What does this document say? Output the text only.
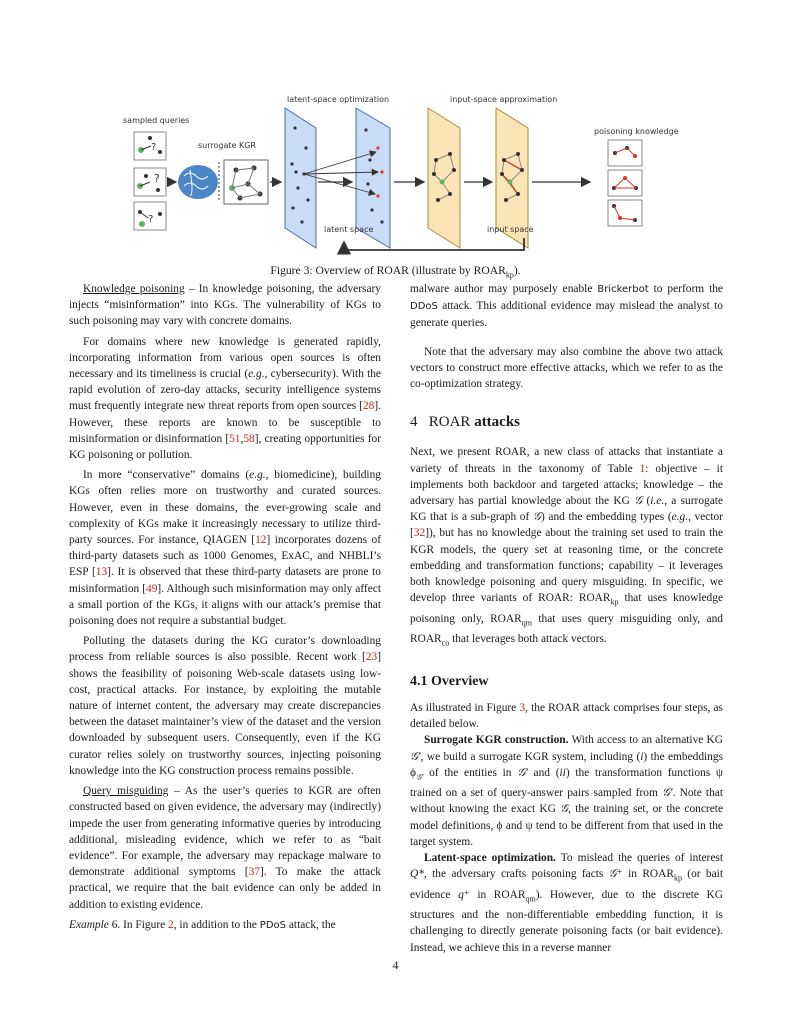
latent-space optimization	input-space approximation
sampled queries
surrogate KGR
poisoning knowledge
?
?
?
latent space	input space
Figure 3: Overview of ROAR (illustrate by $ROAR_{kp}$).

Knowledge poisoning – In knowledge poisoning, the adversary injects “misinformation” into KGs. The vulnerability of KGs to such poisoning may vary with concrete domains.

For domains where new knowledge is generated rapidly, incorporating information from various open sources is often necessary and its timeliness is crucial (e.g., cybersecurity). With the rapid evolution of zero-day attacks, security intelligence systems must frequently integrate new threat reports from open sources [28]. However, these reports are known to be susceptible to misinformation or disinformation [51,58], creating opportunities for KG poisoning or pollution.

In more “conservative” domains (e.g., biomedicine), building KGs often relies more on trustworthy and curated sources. However, even in these domains, the ever-growing scale and complexity of KGs make it increasingly necessary to utilize third-party sources. For instance, QIAGEN [12] incorporates dozens of third-party datasets such as 1000 Genomes, ExAC, and NHBLI’s ESP [13]. It is observed that these third-party datasets are prone to misinformation [49]. Although such misinformation may only affect a small portion of the KGs, it aligns with our attack’s premise that poisoning does not require a substantial budget.

Polluting the datasets during the KG curator’s downloading process from reliable sources is also possible. Recent work [23] shows the feasibility of poisoning Web-scale datasets using low-cost, practical attacks. For instance, by exploiting the mutable nature of internet content, the adversary may create discrepancies between the dataset maintainer’s view of the dataset and the version downloaded by subsequent users. Consequently, even if the KG curator relies solely on trustworthy sources, injecting poisoning knowledge into the KG construction process remains possible.

Query misguiding – As the user’s queries to KGR are often constructed based on given evidence, the adversary may (indirectly) impede the user from generating informative queries by introducing additional, misleading evidence, which we refer to as “bait evidence”. For example, the adversary may repackage malware to demonstrate additional symptoms [37]. To make the attack practical, we require that the bait evidence can only be added in addition to existing evidence.

Example 6. In Figure 2, in addition to the PDoS attack, the

malware author may purposely enable Brickerbot to perform the DDoS attack. This additional evidence may mislead the analyst to generate queries.

Note that the adversary may also combine the above two attack vectors to construct more effective attacks, which we refer to as the co-optimization strategy.

4 ROAR attacks

Next, we present ROAR, a new class of attacks that instantiate a variety of threats in the taxonomy of Table 1: objective – it implements both backdoor and targeted attacks; knowledge – the adversary has partial knowledge about the KG 𝒢 (i.e., a surrogate KG that is a sub-graph of 𝒢) and the embedding types (e.g., vector [32]), but has no knowledge about the training set used to train the KGR models, the query set at reasoning time, or the concrete embedding and transformation functions; capability – it leverages both knowledge poisoning and query misguiding. In specific, we develop three variants of ROAR: $ROAR_{kp}$ that uses knowledge poisoning only, $ROAR_{qm}$ that uses query misguiding only, and $ROAR_{co}$ that leverages both attack vectors.

4.1 Overview

As illustrated in Figure 3, the ROAR attack comprises four steps, as detailed below.

Surrogate KGR construction. With access to an alternative KG 𝒢′, we build a surrogate KGR system, including (i) the embeddings $\phi_{𝒢'}$ of the entities in 𝒢′ and (ii) the transformation functions ψ trained on a set of query-answer pairs sampled from 𝒢′. Note that without knowing the exact KG 𝒢, the training set, or the concrete model definitions, ϕ and ψ tend to be different from that used in the target system.

Latent-space optimization. To mislead the queries of interest Q*, the adversary crafts poisoning facts 𝒢⁺ in $ROAR_{kp}$ (or bait evidence q⁺ in $ROAR_{qm}$). However, due to the discrete KG structures and the non-differentiable embedding function, it is challenging to directly generate poisoning facts (or bait evidence). Instead, we achieve this in a reverse manner

4
